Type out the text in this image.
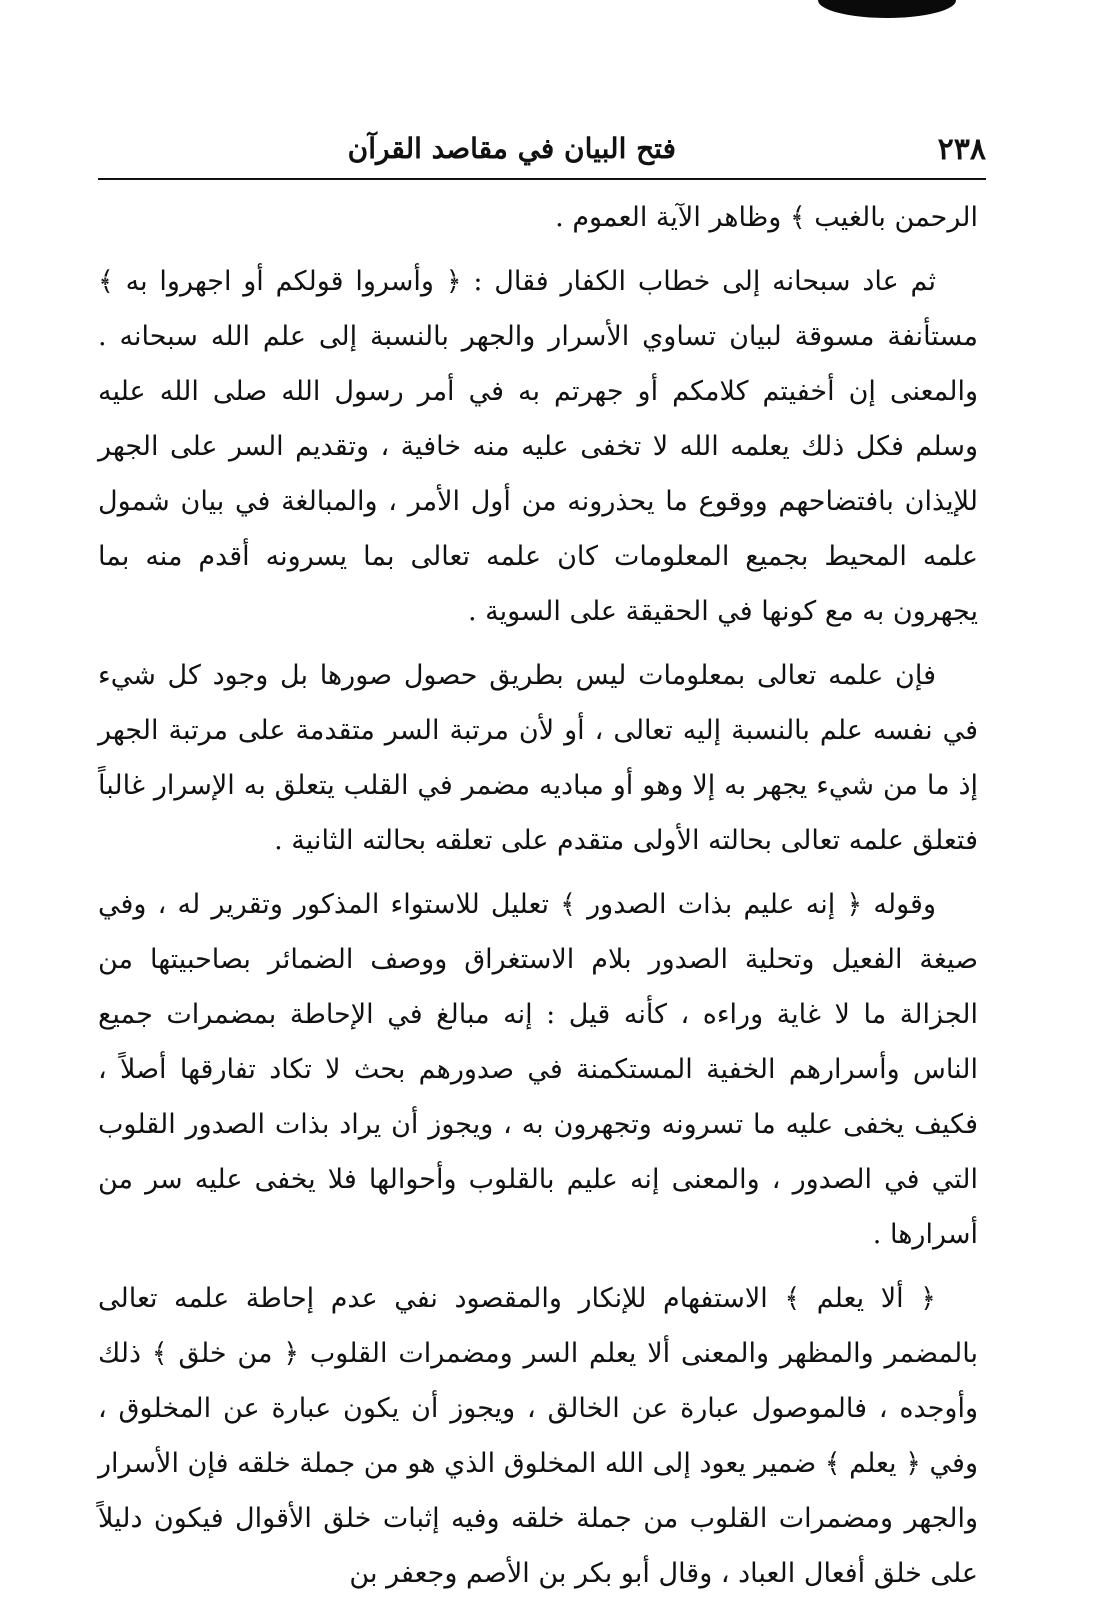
٢٣٨
فتح البيان في مقاصد القرآن

الرحمن بالغيب ﴾ وظاهر الآية العموم .

ثم عاد سبحانه إلى خطاب الكفار فقال : ﴿ وأسروا قولكم أو اجهروا به ﴾ مستأنفة مسوقة لبيان تساوي الأسرار والجهر بالنسبة إلى علم الله سبحانه . والمعنى إن أخفيتم كلامكم أو جهرتم به في أمر رسول الله صلى الله عليه وسلم فكل ذلك يعلمه الله لا تخفى عليه منه خافية ، وتقديم السر على الجهر للإيذان بافتضاحهم ووقوع ما يحذرونه من أول الأمر ، والمبالغة في بيان شمول علمه المحيط بجميع المعلومات كان علمه تعالى بما يسرونه أقدم منه بما يجهرون به مع كونها في الحقيقة على السوية .

فإن علمه تعالى بمعلومات ليس بطريق حصول صورها بل وجود كل شيء في نفسه علم بالنسبة إليه تعالى ، أو لأن مرتبة السر متقدمة على مرتبة الجهر إذ ما من شيء يجهر به إلا وهو أو مباديه مضمر في القلب يتعلق به الإسرار غالباً فتعلق علمه تعالى بحالته الأولى متقدم على تعلقه بحالته الثانية .

وقوله ﴿ إنه عليم بذات الصدور ﴾ تعليل للاستواء المذكور وتقرير له ، وفي صيغة الفعيل وتحلية الصدور بلام الاستغراق ووصف الضمائر بصاحبيتها من الجزالة ما لا غاية وراءه ، كأنه قيل : إنه مبالغ في الإحاطة بمضمرات جميع الناس وأسرارهم الخفية المستكمنة في صدورهم بحث لا تكاد تفارقها أصلاً ، فكيف يخفى عليه ما تسرونه وتجهرون به ، ويجوز أن يراد بذات الصدور القلوب التي في الصدور ، والمعنى إنه عليم بالقلوب وأحوالها فلا يخفى عليه سر من أسرارها .

﴿ ألا يعلم ﴾ الاستفهام للإنكار والمقصود نفي عدم إحاطة علمه تعالى بالمضمر والمظهر والمعنى ألا يعلم السر ومضمرات القلوب ﴿ من خلق ﴾ ذلك وأوجده ، فالموصول عبارة عن الخالق ، ويجوز أن يكون عبارة عن المخلوق ، وفي ﴿ يعلم ﴾ ضمير يعود إلى الله المخلوق الذي هو من جملة خلقه فإن الأسرار والجهر ومضمرات القلوب من جملة خلقه وفيه إثبات خلق الأقوال فيكون دليلاً على خلق أفعال العباد ، وقال أبو بكر بن الأصم وجعفر بن
